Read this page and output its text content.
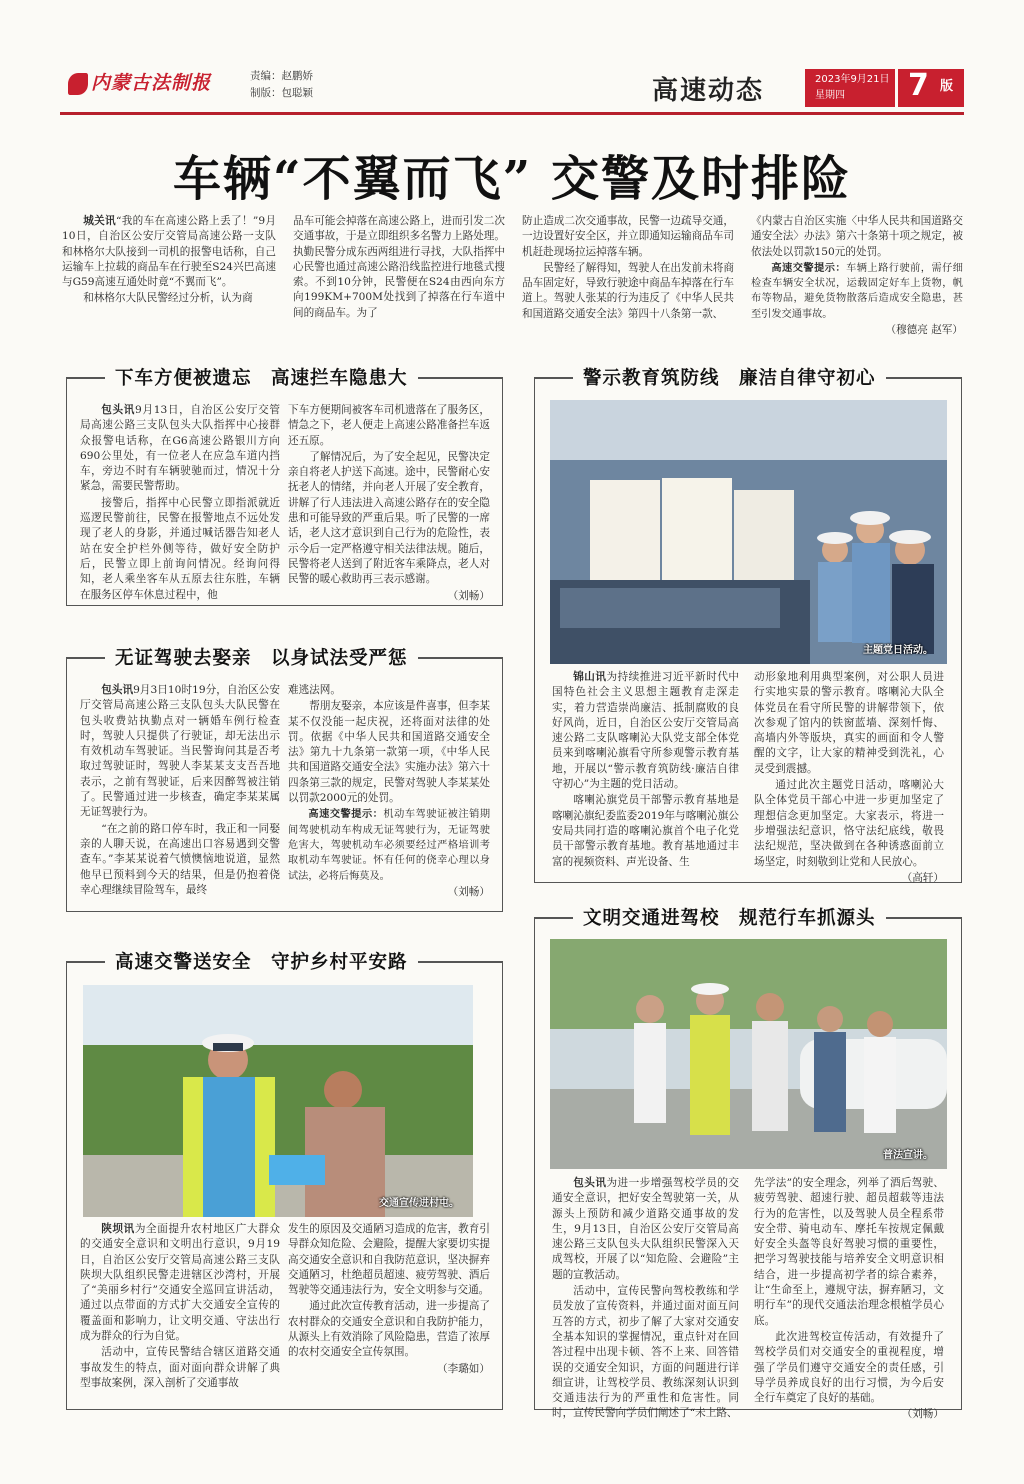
内蒙古法制报	责编：赵鹏娇
制版：包聪颖	高速动态	2023年9月21日
星期四	7 版
车辆“不翼而飞” 交警及时排险

城关讯“我的车在高速公路上丢了！”9月10日，自治区公安厅交管局高速公路一支队和林格尔大队接到一司机的报警电话称，自己运输车上拉载的商品车在行驶至S24兴巴高速与G59高速互通处时竟“不翼而飞”。

和林格尔大队民警经过分析，认为商

品车可能会掉落在高速公路上，进而引发二次交通事故，于是立即组织多名警力上路处理。执勤民警分成东西两组进行寻找，大队指挥中心民警也通过高速公路沿线监控进行地毯式搜索。不到10分钟，民警便在S24由西向东方向199KM+700M处找到了掉落在行车道中间的商品车。为了

防止造成二次交通事故，民警一边疏导交通，一边设置好安全区，并立即通知运输商品车司机赶赴现场拉运掉落车辆。

民警经了解得知，驾驶人在出发前未将商品车固定好，导致行驶途中商品车掉落在行车道上。驾驶人张某的行为违反了《中华人民共和国道路交通安全法》第四十八条第一款、

《内蒙古自治区实施〈中华人民共和国道路交通安全法〉办法》第六十条第十项之规定，被依法处以罚款150元的处罚。

高速交警提示：车辆上路行驶前，需仔细检查车辆安全状况，运载固定好车上货物，帆布等物品，避免货物散落后造成安全隐患，甚至引发交通事故。

（穆德亮 赵军）

下车方便被遗忘　高速拦车隐患大

包头讯9月13日，自治区公安厅交管局高速公路三支队包头大队指挥中心接群众报警电话称，在G6高速公路银川方向690公里处，有一位老人在应急车道内挡车，旁边不时有车辆驶驰而过，情况十分紧急，需要民警帮助。

接警后，指挥中心民警立即指派就近巡逻民警前往，民警在报警地点不远处发现了老人的身影，并通过喊话器告知老人站在安全护栏外侧等待，做好安全防护后，民警立即上前询问情况。经询问得知，老人乘坐客车从五原去往东胜，车辆在服务区停车休息过程中，他

下车方便期间被客车司机遗落在了服务区，情急之下，老人便走上高速公路准备拦车返还五原。

了解情况后，为了安全起见，民警决定亲自将老人护送下高速。途中，民警耐心安抚老人的情绪，并向老人开展了安全教育，讲解了行人违法进入高速公路存在的安全隐患和可能导致的严重后果。听了民警的一席话，老人这才意识到自己行为的危险性，表示今后一定严格遵守相关法律法规。随后，民警将老人送到了附近客车乘降点，老人对民警的暖心救助再三表示感谢。

（刘畅）

警示教育筑防线　廉洁自律守初心
主题党日活动。

锦山讯为持续推进习近平新时代中国特色社会主义思想主题教育走深走实，着力营造崇尚廉洁、抵制腐败的良好风尚，近日，自治区公安厅交管局高速公路二支队喀喇沁大队党支部全体党员来到喀喇沁旗看守所参观警示教育基地，开展以“警示教育筑防线·廉洁自律守初心”为主题的党日活动。

喀喇沁旗党员干部警示教育基地是喀喇沁旗纪委监委2019年与喀喇沁旗公安局共同打造的喀喇沁旗首个电子化党员干部警示教育基地。教育基地通过丰富的视频资料、声光设备、生

动形象地利用典型案例，对公职人员进行实地实景的警示教育。喀喇沁大队全体党员在看守所民警的讲解带领下，依次参观了馆内的铁窗蓝墙、深刻忏悔、高墙内外等版块，真实的画面和令人警醒的文字，让大家的精神受到洗礼，心灵受到震撼。

通过此次主题党日活动，喀喇沁大队全体党员干部心中进一步更加坚定了理想信念更加坚定。大家表示，将进一步增强法纪意识，恪守法纪底线，敬畏法纪规范，坚决做到在各种诱惑面前立场坚定，时刻敬到让党和人民放心。

（高轩）

无证驾驶去娶亲　以身试法受严惩

包头讯9月3日10时19分，自治区公安厅交管局高速公路三支队包头大队民警在包头收费站执勤点对一辆婚车例行检查时，驾驶人只提供了行驶证，却无法出示有效机动车驾驶证。当民警询问其是否考取过驾驶证时，驾驶人李某某支支吾吾地表示，之前有驾驶证，后来因醉驾被注销了。民警通过进一步核查，确定李某某属无证驾驶行为。

“在之前的路口停车时，我正和一同娶亲的人聊天说，在高速出口容易遇到交警查车。”李某某说着气愤懊恼地说道，显然他早已预料到今天的结果，但是仍抱着侥幸心理继续冒险驾车，最终

难逃法网。

帮朋友娶亲，本应该是件喜事，但李某某不仅没能一起庆祝，还将面对法律的处罚。依据《中华人民共和国道路交通安全法》第九十九条第一款第一项，《中华人民共和国道路交通安全法》实施办法》第六十四条第三款的规定，民警对驾驶人李某某处以罚款2000元的处罚。

高速交警提示：机动车驾驶证被注销期间驾驶机动车构成无证驾驶行为，无证驾驶危害大，驾驶机动车必须要经过严格培训考取机动车驾驶证。怀有任何的侥幸心理以身试法，必将后悔莫及。

（刘畅）

高速交警送安全　守护乡村平安路
交通宣传进村屯。

陕坝讯为全面提升农村地区广大群众的交通安全意识和文明出行意识，9月19日，自治区公安厅交管局高速公路三支队陕坝大队组织民警走进辖区沙湾村，开展了“美丽乡村行”交通安全巡回宣讲活动，通过以点带面的方式扩大交通安全宣传的覆盖面和影响力，让文明交通、守法出行成为群众的行为自觉。

活动中，宣传民警结合辖区道路交通事故发生的特点，面对面向群众讲解了典型事故案例，深入剖析了交通事故

发生的原因及交通陋习造成的危害，教育引导群众知危险、会避险，提醒大家要切实提高交通安全意识和自我防范意识，坚决摒弃交通陋习，杜绝超员超速、疲劳驾驶、酒后驾驶等交通违法行为，安全文明参与交通。

通过此次宣传教育活动，进一步提高了农村群众的交通安全意识和自我防护能力，从源头上有效消除了风险隐患，营造了浓厚的农村交通安全宣传氛围。

（李璐如）

文明交通进驾校　规范行车抓源头
普法宣讲。

包头讯为进一步增强驾校学员的交通安全意识，把好安全驾驶第一关，从源头上预防和减少道路交通事故的发生，9月13日，自治区公安厅交管局高速公路三支队包头大队组织民警深入天成驾校，开展了以“知危险、会避险”主题的宣教活动。

活动中，宣传民警向驾校教练和学员发放了宣传资料，并通过面对面互问互答的方式，初步了解了大家对交通安全基本知识的掌握情况，重点针对在回答过程中出现卡顿、答不上来、回答错误的交通安全知识，方面的问题进行详细宣讲，让驾校学员、教练深刻认识到交通违法行为的严重性和危害性。同时，宣传民警向学员们阐述了“未上路、

先学法”的安全理念，列举了酒后驾驶、疲劳驾驶、超速行驶、超员超载等违法行为的危害性，以及驾驶人员全程系带安全带、骑电动车、摩托车按规定佩戴好安全头盔等良好驾驶习惯的重要性，把学习驾驶技能与培养安全文明意识相结合，进一步提高初学者的综合素养，让“生命至上，遵规守法，摒弃陋习，文明行车”的现代交通法治理念根植学员心底。

此次进驾校宣传活动，有效提升了驾校学员们对交通安全的重视程度，增强了学员们遵守交通安全的责任感，引导学员养成良好的出行习惯，为今后安全行车奠定了良好的基础。

（刘畅）
